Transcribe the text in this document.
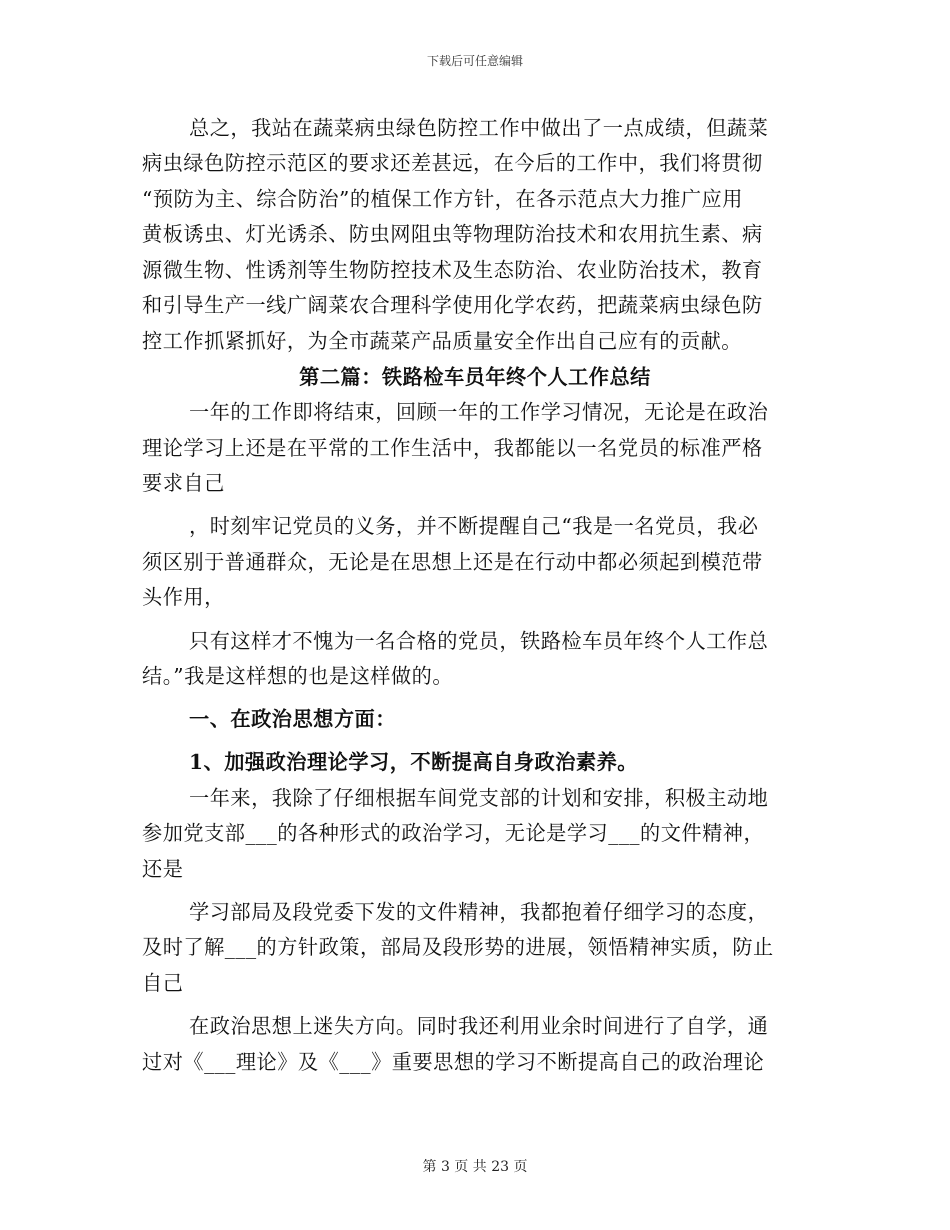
下载后可任意编辑
总之，我站在蔬菜病虫绿色防控工作中做出了一点成绩，但蔬菜
病虫绿色防控示范区的要求还差甚远，在今后的工作中，我们将贯彻
“预防为主、综合防治”的植保工作方针，在各示范点大力推广应用
黄板诱虫、灯光诱杀、防虫网阻虫等物理防治技术和农用抗生素、病
源微生物、性诱剂等生物防控技术及生态防治、农业防治技术，教育
和引导生产一线广阔菜农合理科学使用化学农药，把蔬菜病虫绿色防
控工作抓紧抓好，为全市蔬菜产品质量安全作出自己应有的贡献。
第二篇：铁路检车员年终个人工作总结
一年的工作即将结束，回顾一年的工作学习情况，无论是在政治
理论学习上还是在平常的工作生活中，我都能以一名党员的标准严格
要求自己
，时刻牢记党员的义务，并不断提醒自己“我是一名党员，我必
须区别于普通群众，无论是在思想上还是在行动中都必须起到模范带
头作用，
只有这样才不愧为一名合格的党员，铁路检车员年终个人工作总
结。”我是这样想的也是这样做的。
一、在政治思想方面：
1、加强政治理论学习，不断提高自身政治素养。
一年来，我除了仔细根据车间党支部的计划和安排，积极主动地
参加党支部___的各种形式的政治学习，无论是学习___的文件精神，
还是
学习部局及段党委下发的文件精神，我都抱着仔细学习的态度，
及时了解___的方针政策，部局及段形势的进展，领悟精神实质，防止
自己
在政治思想上迷失方向。同时我还利用业余时间进行了自学，通
过对《___理论》及《___》重要思想的学习不断提高自己的政治理论
第 3 页 共 23 页
